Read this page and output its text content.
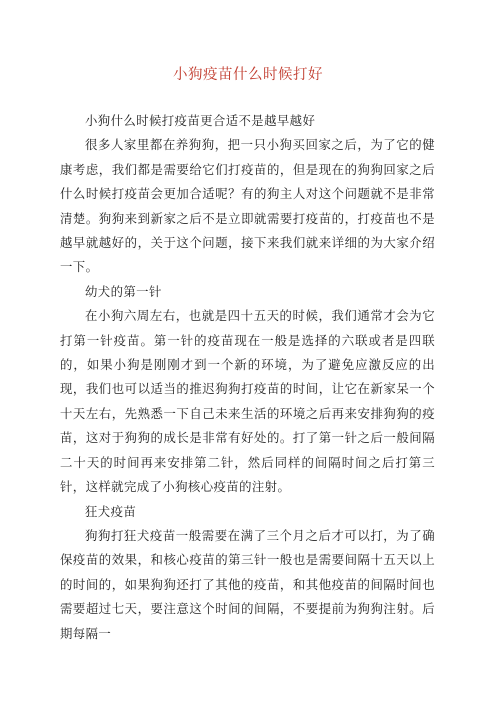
小狗疫苗什么时候打好

小狗什么时候打疫苗更合适不是越早越好

很多人家里都在养狗狗，把一只小狗买回家之后，为了它的健康考虑，我们都是需要给它们打疫苗的，但是现在的狗狗回家之后什么时候打疫苗会更加合适呢？有的狗主人对这个问题就不是非常清楚。狗狗来到新家之后不是立即就需要打疫苗的，打疫苗也不是越早就越好的，关于这个问题，接下来我们就来详细的为大家介绍一下。

幼犬的第一针

在小狗六周左右，也就是四十五天的时候，我们通常才会为它打第一针疫苗。第一针的疫苗现在一般是选择的六联或者是四联的，如果小狗是刚刚才到一个新的环境，为了避免应激反应的出现，我们也可以适当的推迟狗狗打疫苗的时间，让它在新家呆一个十天左右，先熟悉一下自己未来生活的环境之后再来安排狗狗的疫苗，这对于狗狗的成长是非常有好处的。打了第一针之后一般间隔二十天的时间再来安排第二针，然后同样的间隔时间之后打第三针，这样就完成了小狗核心疫苗的注射。

狂犬疫苗

狗狗打狂犬疫苗一般需要在满了三个月之后才可以打，为了确保疫苗的效果，和核心疫苗的第三针一般也是需要间隔十五天以上的时间的，如果狗狗还打了其他的疫苗，和其他疫苗的间隔时间也需要超过七天，要注意这个时间的间隔，不要提前为狗狗注射。后期每隔一
